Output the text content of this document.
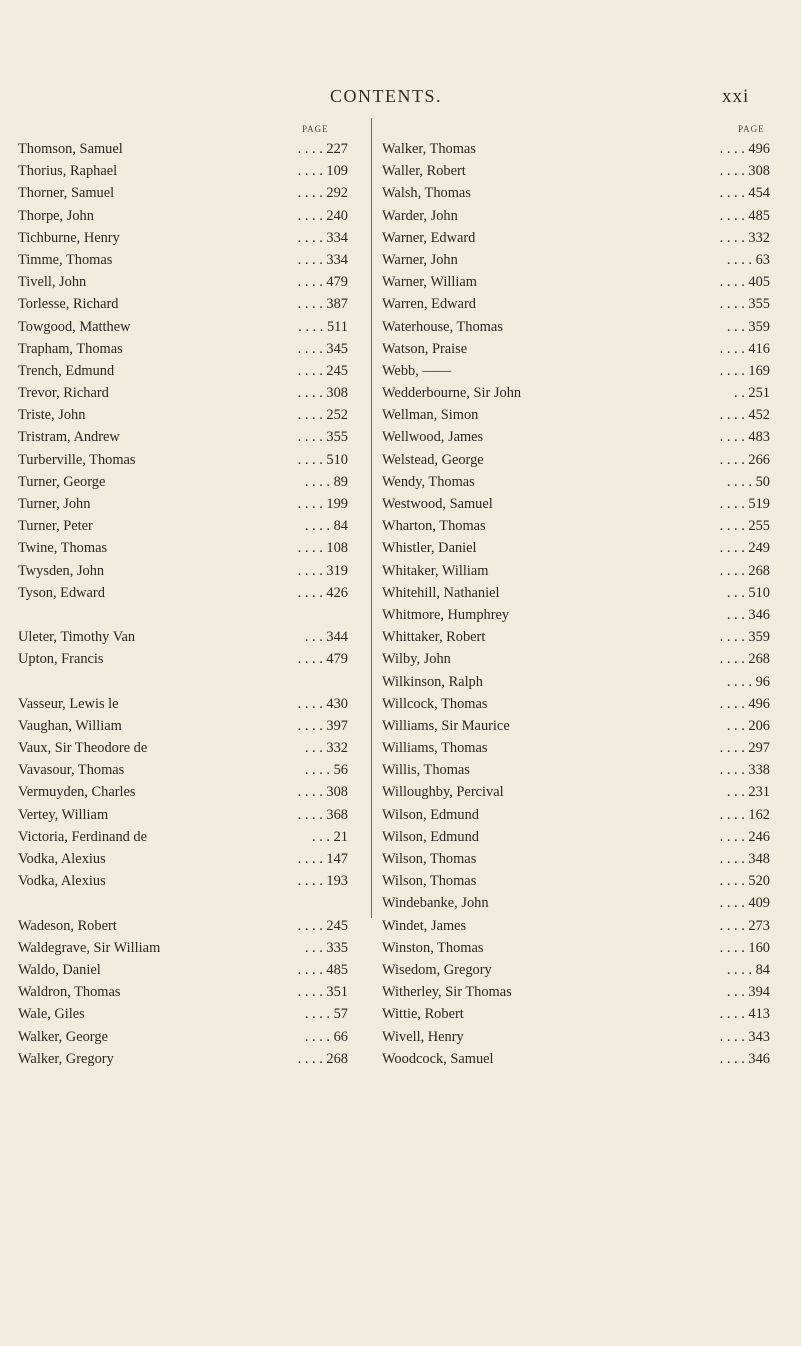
CONTENTS.	xxi
PAGE
Thomson, Samuel	. . . . 227
Thorius, Raphael	. . . . 109
Thorner, Samuel	. . . . 292
Thorpe, John	. . . . 240
Tichburne, Henry	. . . . 334
Timme, Thomas	. . . . 334
Tivell, John	. . . . 479
Torlesse, Richard	. . . . 387
Towgood, Matthew	. . . . 511
Trapham, Thomas	. . . . 345
Trench, Edmund	. . . . 245
Trevor, Richard	. . . . 308
Triste, John	. . . . 252
Tristram, Andrew	. . . . 355
Turberville, Thomas	. . . . 510
Turner, George	. . . . 89
Turner, John	. . . . 199
Turner, Peter	. . . . 84
Twine, Thomas	. . . . 108
Twysden, John	. . . . 319
Tyson, Edward	. . . . 426
Uleter, Timothy Van	. . . 344
Upton, Francis	. . . . 479
Vasseur, Lewis le	. . . . 430
Vaughan, William	. . . . 397
Vaux, Sir Theodore de	. . . 332
Vavasour, Thomas	. . . . 56
Vermuyden, Charles	. . . . 308
Vertey, William	. . . . 368
Victoria, Ferdinand de	. . . 21
Vodka, Alexius	. . . . 147
Vodka, Alexius	. . . . 193
Wadeson, Robert	. . . . 245
Waldegrave, Sir William	. . . 335
Waldo, Daniel	. . . . 485
Waldron, Thomas	. . . . 351
Wale, Giles	. . . . 57
Walker, George	. . . . 66
Walker, Gregory	. . . . 268
PAGE
Walker, Thomas	. . . . 496
Waller, Robert	. . . . 308
Walsh, Thomas	. . . . 454
Warder, John	. . . . 485
Warner, Edward	. . . . 332
Warner, John	. . . . 63
Warner, William	. . . . 405
Warren, Edward	. . . . 355
Waterhouse, Thomas	. . . 359
Watson, Praise	. . . . 416
Webb, ——	. . . . 169
Wedderbourne, Sir John	. . 251
Wellman, Simon	. . . . 452
Wellwood, James	. . . . 483
Welstead, George	. . . . 266
Wendy, Thomas	. . . . 50
Westwood, Samuel	. . . . 519
Wharton, Thomas	. . . . 255
Whistler, Daniel	. . . . 249
Whitaker, William	. . . . 268
Whitehill, Nathaniel	. . . 510
Whitmore, Humphrey	. . . 346
Whittaker, Robert	. . . . 359
Wilby, John	. . . . 268
Wilkinson, Ralph	. . . . 96
Willcock, Thomas	. . . . 496
Williams, Sir Maurice	. . . 206
Williams, Thomas	. . . . 297
Willis, Thomas	. . . . 338
Willoughby, Percival	. . . 231
Wilson, Edmund	. . . . 162
Wilson, Edmund	. . . . 246
Wilson, Thomas	. . . . 348
Wilson, Thomas	. . . . 520
Windebanke, John	. . . . 409
Windet, James	. . . . 273
Winston, Thomas	. . . . 160
Wisedom, Gregory	. . . . 84
Witherley, Sir Thomas	. . . 394
Wittie, Robert	. . . . 413
Wivell, Henry	. . . . 343
Woodcock, Samuel	. . . . 346
